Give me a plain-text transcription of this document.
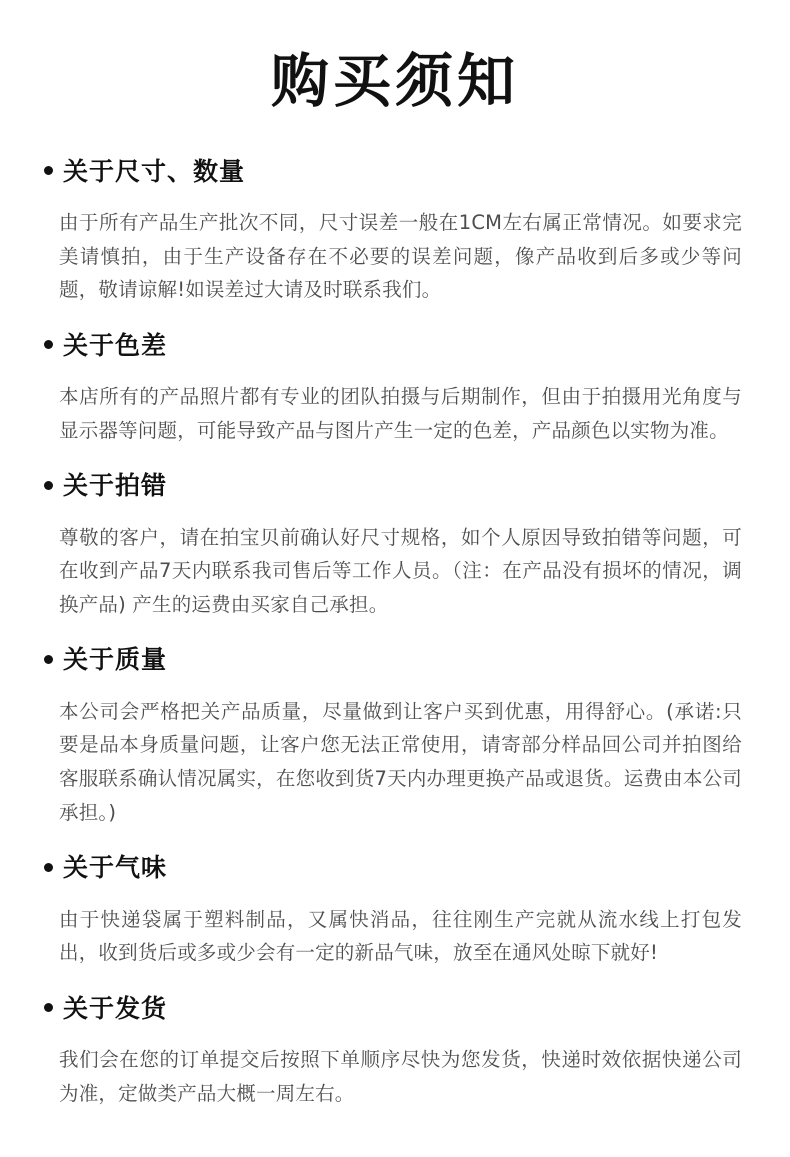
购买须知
关于尺寸、数量

由于所有产品生产批次不同，尺寸误差一般在1CM左右属正常情况。如要求完美请慎拍，由于生产设备存在不必要的误差问题，像产品收到后多或少等问题，敬请谅解!如误差过大请及时联系我们。

关于色差

本店所有的产品照片都有专业的团队拍摄与后期制作，但由于拍摄用光角度与显示器等问题，可能导致产品与图片产生一定的色差，产品颜色以实物为准。

关于拍错

尊敬的客户，请在拍宝贝前确认好尺寸规格，如个人原因导致拍错等问题，可在收到产品7天内联系我司售后等工作人员。（注：在产品没有损坏的情况，调换产品) 产生的运费由买家自己承担。

关于质量

本公司会严格把关产品质量，尽量做到让客户买到优惠，用得舒心。(承诺:只要是品本身质量问题，让客户您无法正常使用，请寄部分样品回公司并拍图给客服联系确认情况属实，在您收到货7天内办理更换产品或退货。运费由本公司承担。)

关于气味

由于快递袋属于塑料制品，又属快消品，往往刚生产完就从流水线上打包发出，收到货后或多或少会有一定的新品气味，放至在通风处晾下就好!

关于发货

我们会在您的订单提交后按照下单顺序尽快为您发货，快递时效依据快递公司为准，定做类产品大概一周左右。
